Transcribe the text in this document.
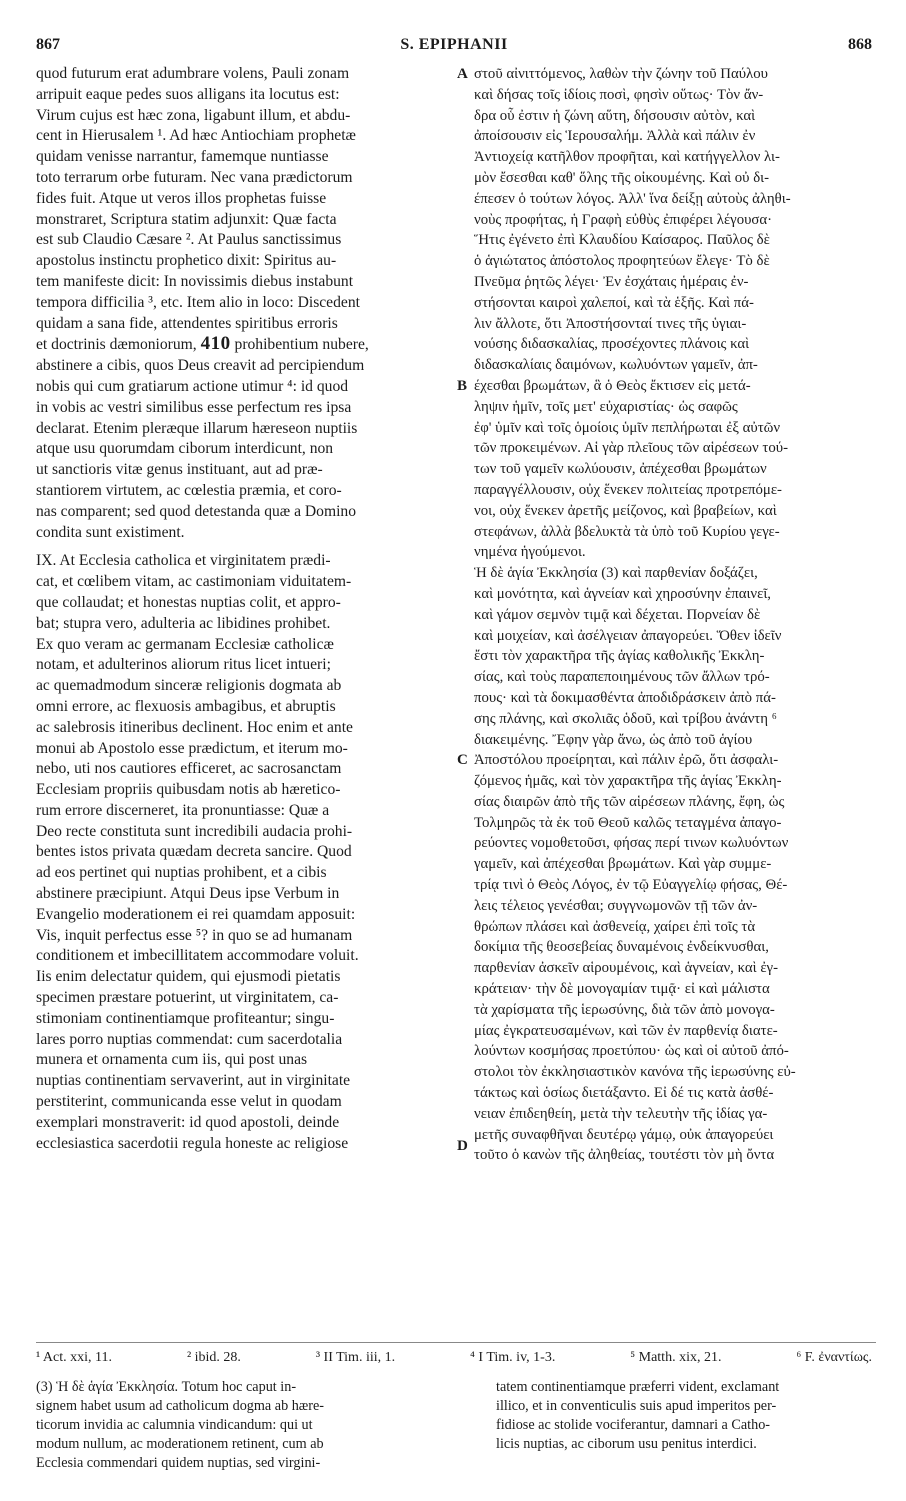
867	S. EPIPHANII	868
quod futurum erat adumbrare volens, Pauli zonam
arripuit eaque pedes suos alligans ita locutus est:
Virum cujus est hæc zona, ligabunt illum, et abdu-
cent in Hierusalem ¹. Ad hæc Antiochiam prophetæ
quidam venisse narrantur, famemque nuntiasse
toto terrarum orbe futuram. Nec vana prædictorum
fides fuit. Atque ut veros illos prophetas fuisse
monstraret, Scriptura statim adjunxit: Quæ facta
est sub Claudio Cæsare ². At Paulus sanctissimus
apostolus instinctu prophetico dixit: Spiritus au-
tem manifeste dicit: In novissimis diebus instabunt
tempora difficilia ³, etc. Item alio in loco: Discedent
quidam a sana fide, attendentes spiritibus erroris
et doctrinis dæmoniorum, 410 prohibentium nubere,
abstinere a cibis, quos Deus creavit ad percipiendum
nobis qui cum gratiarum actione utimur ⁴: id quod
in vobis ac vestri similibus esse perfectum res ipsa
declarat. Etenim pleræque illarum hæreseon nuptiis
atque usu quorumdam ciborum interdicunt, non
ut sanctioris vitæ genus instituant, aut ad præ-
stantiorem virtutem, ac cœlestia præmia, et coro-
nas comparent; sed quod detestanda quæ a Domino
condita sunt existiment.
IX. At Ecclesia catholica et virginitatem prædi-
cat, et cœlibem vitam, ac castimoniam viduitatem-
que collaudat; et honestas nuptias colit, et appro-
bat; stupra vero, adulteria ac libidines prohibet.
Ex quo veram ac germanam Ecclesiæ catholicæ
notam, et adulterinos aliorum ritus licet intueri;
ac quemadmodum sinceræ religionis dogmata ab
omni errore, ac flexuosis ambagibus, et abruptis
ac salebrosis itineribus declinent. Hoc enim et ante
monui ab Apostolo esse prædictum, et iterum mo-
nebo, uti nos cautiores efficeret, ac sacrosanctam
Ecclesiam propriis quibusdam notis ab hæretico-
rum errore discerneret, ita pronuntiasse: Quæ a
Deo recte constituta sunt incredibili audacia prohi-
bentes istos privata quædam decreta sancire. Quod
ad eos pertinet qui nuptias prohibent, et a cibis
abstinere præcipiunt. Atqui Deus ipse Verbum in
Evangelio moderationem ei rei quamdam apposuit:
Vis, inquit perfectus esse ⁵? in quo se ad humanam
conditionem et imbecillitatem accommodare voluit.
Iis enim delectatur quidem, qui ejusmodi pietatis
specimen præstare potuerint, ut virginitatem, ca-
stimoniam continentiamque profiteantur; singu-
lares porro nuptias commendat: cum sacerdotalia
munera et ornamenta cum iis, qui post unas
nuptias continentiam servaverint, aut in virginitate
perstiterint, communicanda esse velut in quodam
exemplari monstraverit: id quod apostoli, deinde
ecclesiastica sacerdotii regula honeste ac religiose
στοῦ αἰνιττόμενος, λαθὼν τὴν ζώνην τοῦ Παύλου
καὶ δήσας τοῖς ἰδίοις ποσὶ, φησὶν οὕτως· Τὸν ἄν-
δρα οὗ ἐστιν ἡ ζώνη αὕτη, δήσουσιν αὐτὸν, καὶ
ἀποίσουσιν εἰς Ἱερουσαλήμ. Ἀλλὰ καὶ πάλιν ἐν
Ἀντιοχείᾳ κατῆλθον προφῆται, καὶ κατήγγελλον λι-
μὸν ἔσεσθαι καθ' ὅλης τῆς οἰκουμένης. Καὶ οὐ δι-
έπεσεν ὁ τούτων λόγος. Ἀλλ' ἵνα δείξῃ αὐτοὺς ἀληθι-
νοὺς προφήτας, ἡ Γραφὴ εὐθὺς ἐπιφέρει λέγουσα·
Ἥτις ἐγένετο ἐπὶ Κλαυδίου Καίσαρος. Παῦλος δὲ
ὁ ἁγιώτατος ἀπόστολος προφητεύων ἔλεγε· Τὸ δὲ
Πνεῦμα ῥητῶς λέγει· Ἐν ἐσχάταις ἡμέραις ἐν-
στήσονται καιροὶ χαλεποί, καὶ τὰ ἑξῆς. Καὶ πά-
λιν ἄλλοτε, ὅτι Ἀποστήσονταί τινες τῆς ὑγιαι-
νούσης διδασκαλίας, προσέχοντες πλάνοις καὶ
διδασκαλίαις δαιμόνων, κωλυόντων γαμεῖν, ἀπ-
έχεσθαι βρωμάτων, ἃ ὁ Θεὸς ἔκτισεν εἰς μετά-
ληψιν ἡμῖν, τοῖς μετ' εὐχαριστίας· ὡς σαφῶς
ἐφ' ὑμῖν καὶ τοῖς ὁμοίοις ὑμῖν πεπλήρωται ἐξ αὐτῶν
τῶν προκειμένων. Αἱ γὰρ πλεῖους τῶν αἱρέσεων τού-
των τοῦ γαμεῖν κωλύουσιν, ἀπέχεσθαι βρωμάτων
παραγγέλλουσιν, οὐχ ἕνεκεν πολιτείας προτρεπόμε-
νοι, οὐχ ἕνεκεν ἀρετῆς μείζονος, καὶ βραβείων, καὶ
στεφάνων, ἀλλὰ βδελυκτὰ τὰ ὑπὸ τοῦ Κυρίου γεγε-
νημένα ἡγούμενοι.
Ἡ δὲ ἁγία Ἐκκλησία (3) καὶ παρθενίαν δοξάζει,
καὶ μονότητα, καὶ ἁγνείαν καὶ χηροσύνην ἐπαινεῖ,
καὶ γάμον σεμνὸν τιμᾷ καὶ δέχεται. Πορνείαν δὲ
καὶ μοιχείαν, καὶ ἀσέλγειαν ἀπαγορεύει. Ὅθεν ἰδεῖν
ἔστι τὸν χαρακτῆρα τῆς ἁγίας καθολικῆς Ἐκκλη-
σίας, καὶ τοὺς παραπεποιημένους τῶν ἄλλων τρό-
πους· καὶ τὰ δοκιμασθέντα ἀποδιδράσκειν ἀπὸ πά-
σης πλάνης, καὶ σκολιᾶς ὁδοῦ, καὶ τρίβου ἀνάντη ⁶
διακειμένης. Ἔφην γὰρ ἄνω, ὡς ἀπὸ τοῦ ἁγίου
Ἀποστόλου προείρηται, καὶ πάλιν ἐρῶ, ὅτι ἀσφαλι-
ζόμενος ἡμᾶς, καὶ τὸν χαρακτῆρα τῆς ἁγίας Ἐκκλη-
σίας διαιρῶν ἀπὸ τῆς τῶν αἱρέσεων πλάνης, ἔφη, ὡς
Τολμηρῶς τὰ ἐκ τοῦ Θεοῦ καλῶς τεταγμένα ἀπαγο-
ρεύοντες νομοθετοῦσι, φήσας περί τινων κωλυόντων
γαμεῖν, καὶ ἀπέχεσθαι βρωμάτων. Καὶ γὰρ συμμε-
τρίᾳ τινὶ ὁ Θεὸς Λόγος, ἐν τῷ Εὐαγγελίῳ φήσας, Θέ-
λεις τέλειος γενέσθαι; συγγνωμονῶν τῇ τῶν ἀν-
θρώπων πλάσει καὶ ἀσθενείᾳ, χαίρει ἐπὶ τοῖς τὰ
δοκίμια τῆς θεοσεβείας δυναμένοις ἐνδείκνυσθαι,
παρθενίαν ἀσκεῖν αἱρουμένοις, καὶ ἁγνείαν, καὶ ἐγ-
κράτειαν· τὴν δὲ μονογαμίαν τιμᾷ· εἰ καὶ μάλιστα
τὰ χαρίσματα τῆς ἱερωσύνης, διὰ τῶν ἀπὸ μονογα-
μίας ἐγκρατευσαμένων, καὶ τῶν ἐν παρθενίᾳ διατε-
λούντων κοσμήσας προετύπου· ὡς καὶ οἱ αὐτοῦ ἀπό-
στολοι τὸν ἐκκλησιαστικὸν κανόνα τῆς ἱερωσύνης εὐ-
τάκτως καὶ ὁσίως διετάξαντο. Εἰ δέ τις κατὰ ἀσθέ-
νειαν ἐπιδεηθείη, μετὰ τὴν τελευτὴν τῆς ἰδίας γα-
μετῆς συναφθῆναι δευτέρῳ γάμῳ, οὐκ ἀπαγορεύει
τοῦτο ὁ κανὼν τῆς ἀληθείας, τουτέστι τὸν μὴ ὄντα
A
B
C
D
¹ Act. xxi, 11.	² ibid. 28.	³ II Tim. iii, 1.	⁴ I Tim. iv, 1-3.	⁵ Matth. xix, 21.	⁶ F. ἐναντίως.
(3) Ἡ δὲ ἁγία Ἐκκλησία. Totum hoc caput in-
signem habet usum ad catholicum dogma ab hære-
ticorum invidia ac calumnia vindicandum: qui ut
modum nullum, ac moderationem retinent, cum ab
Ecclesia commendari quidem nuptias, sed virgini-
tatem continentiamque præferri vident, exclamant
illico, et in conventiculis suis apud imperitos per-
fidiose ac stolide vociferantur, damnari a Catho-
licis nuptias, ac ciborum usu penitus interdici.
